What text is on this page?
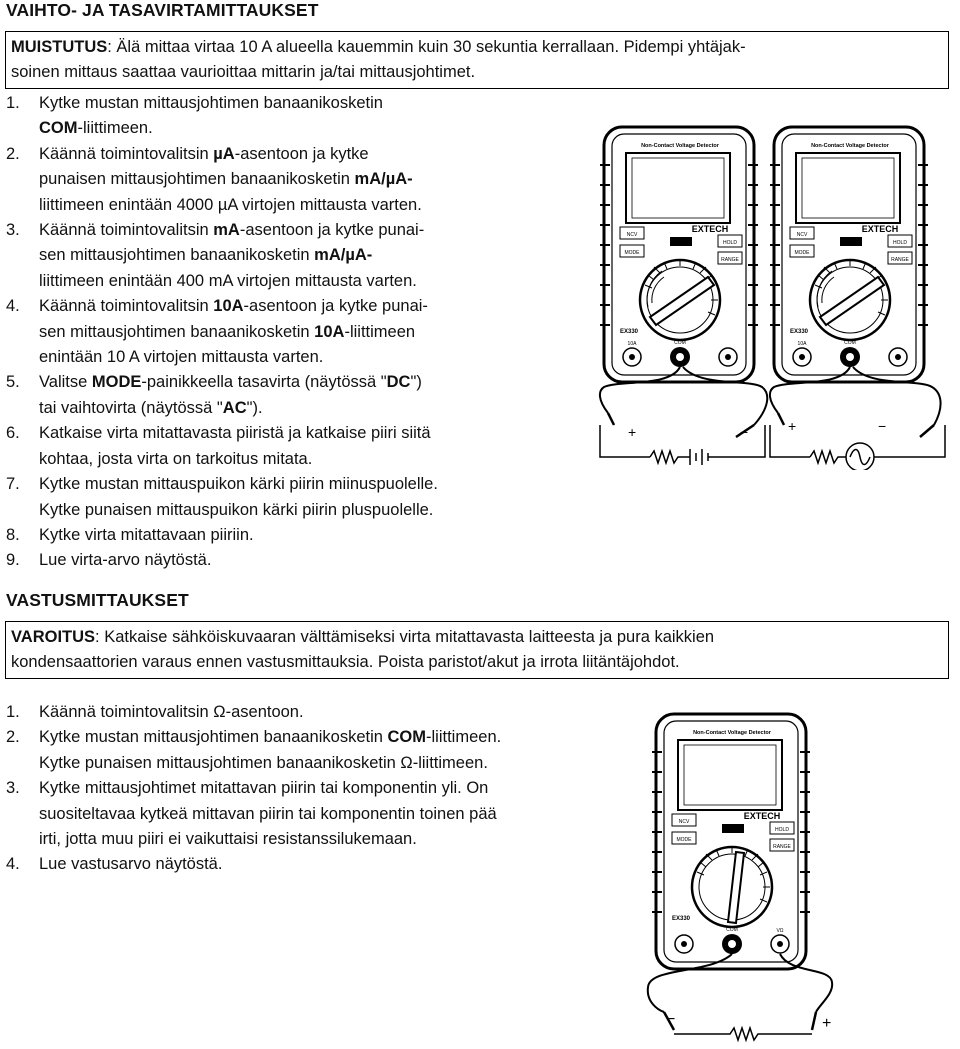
VAIHTO- JA TASAVIRTAMITTAUKSET
MUISTUTUS: Älä mittaa virtaa 10 A alueella kauemmin kuin 30 sekuntia kerrallaan. Pidempi yhtäjak-
soinen mittaus saattaa vaurioittaa mittarin ja/tai mittausjohtimet.
1. Kytke mustan mittausjohtimen banaanikosketin
COM-liittimeen.
2. Käännä toimintovalitsin µA-asentoon ja kytke
punaisen mittausjohtimen banaanikosketin mA/µA-
liittimeen enintään 4000 µA virtojen mittausta varten.
3. Käännä toimintovalitsin mA-asentoon ja kytke punai-
sen mittausjohtimen banaanikosketin mA/µA-
liittimeen enintään 400 mA virtojen mittausta varten.
4. Käännä toimintovalitsin 10A-asentoon ja kytke punai-
sen mittausjohtimen banaanikosketin 10A-liittimeen
enintään 10 A virtojen mittausta varten.
5. Valitse MODE-painikkeella tasavirta (näytössä "DC")
tai vaihtovirta (näytössä "AC").
6. Katkaise virta mitattavasta piiristä ja katkaise piiri siitä
kohtaa, josta virta on tarkoitus mitata.
7. Kytke mustan mittauspuikon kärki piirin miinuspuolelle.
Kytke punaisen mittauspuikon kärki piirin pluspuolelle.
8. Kytke virta mitattavaan piiriin.
9. Lue virta-arvo näytöstä.
Non-Contact Voltage Detector
EXTECH
NCV
HOLD
MODE
RANGE
EX330
10A	COM
+	−
Non-Contact Voltage Detector
EXTECH
NCV
HOLD
MODE
RANGE
EX330
10A	COM
+	−
VASTUSMITTAUKSET
VAROITUS: Katkaise sähköiskuvaaran välttämiseksi virta mitattavasta laitteesta ja pura kaikkien
kondensaattorien varaus ennen vastusmittauksia. Poista paristot/akut ja irrota liitäntäjohdot.
1. Käännä toimintovalitsin Ω-asentoon.
2. Kytke mustan mittausjohtimen banaanikosketin COM-liittimeen.
Kytke punaisen mittausjohtimen banaanikosketin Ω-liittimeen.
3. Kytke mittausjohtimet mitattavan piirin tai komponentin yli. On
suositeltavaa kytkeä mittavan piirin tai komponentin toinen pää
irti, jotta muu piiri ei vaikuttaisi resistanssilukemaan.
4. Lue vastusarvo näytöstä.
Non-Contact Voltage Detector
EXTECH
NCV
HOLD
MODE
RANGE
EX330
COM	VΩ
−	+
